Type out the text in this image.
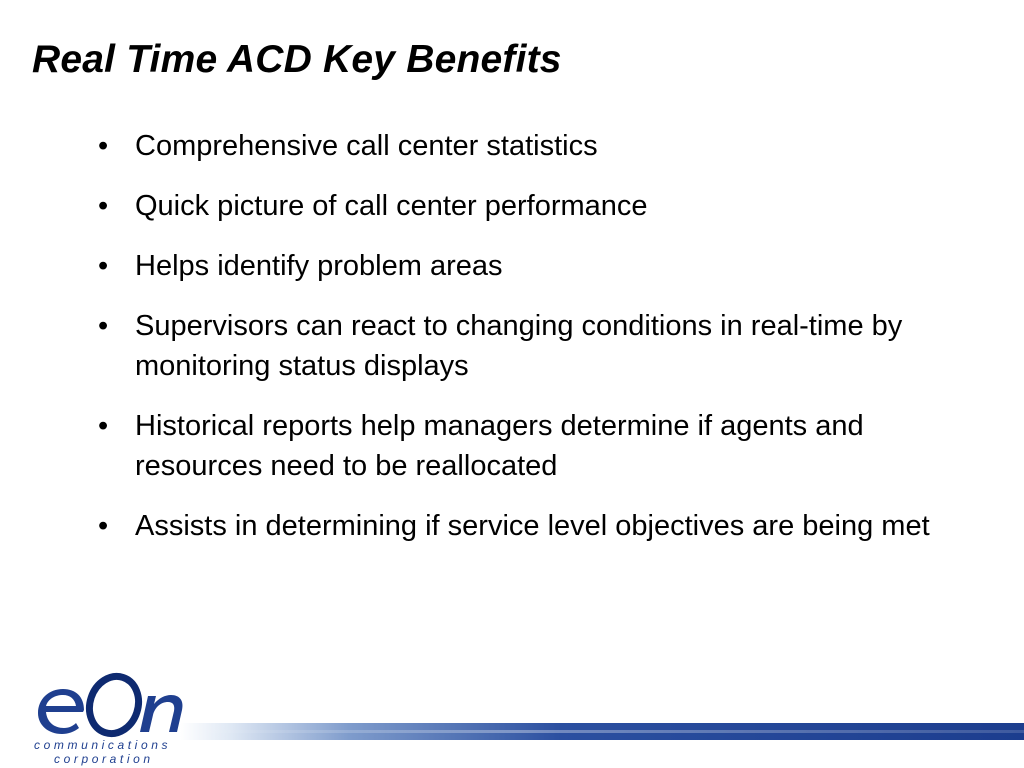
Real Time ACD Key Benefits
• Comprehensive call center statistics
• Quick picture of call center performance
• Helps identify problem areas
• Supervisors can react to changing conditions in real-time by monitoring status displays
• Historical reports help managers determine if agents and resources need to be reallocated
• Assists in determining if service level objectives are being met
communications
corporation
